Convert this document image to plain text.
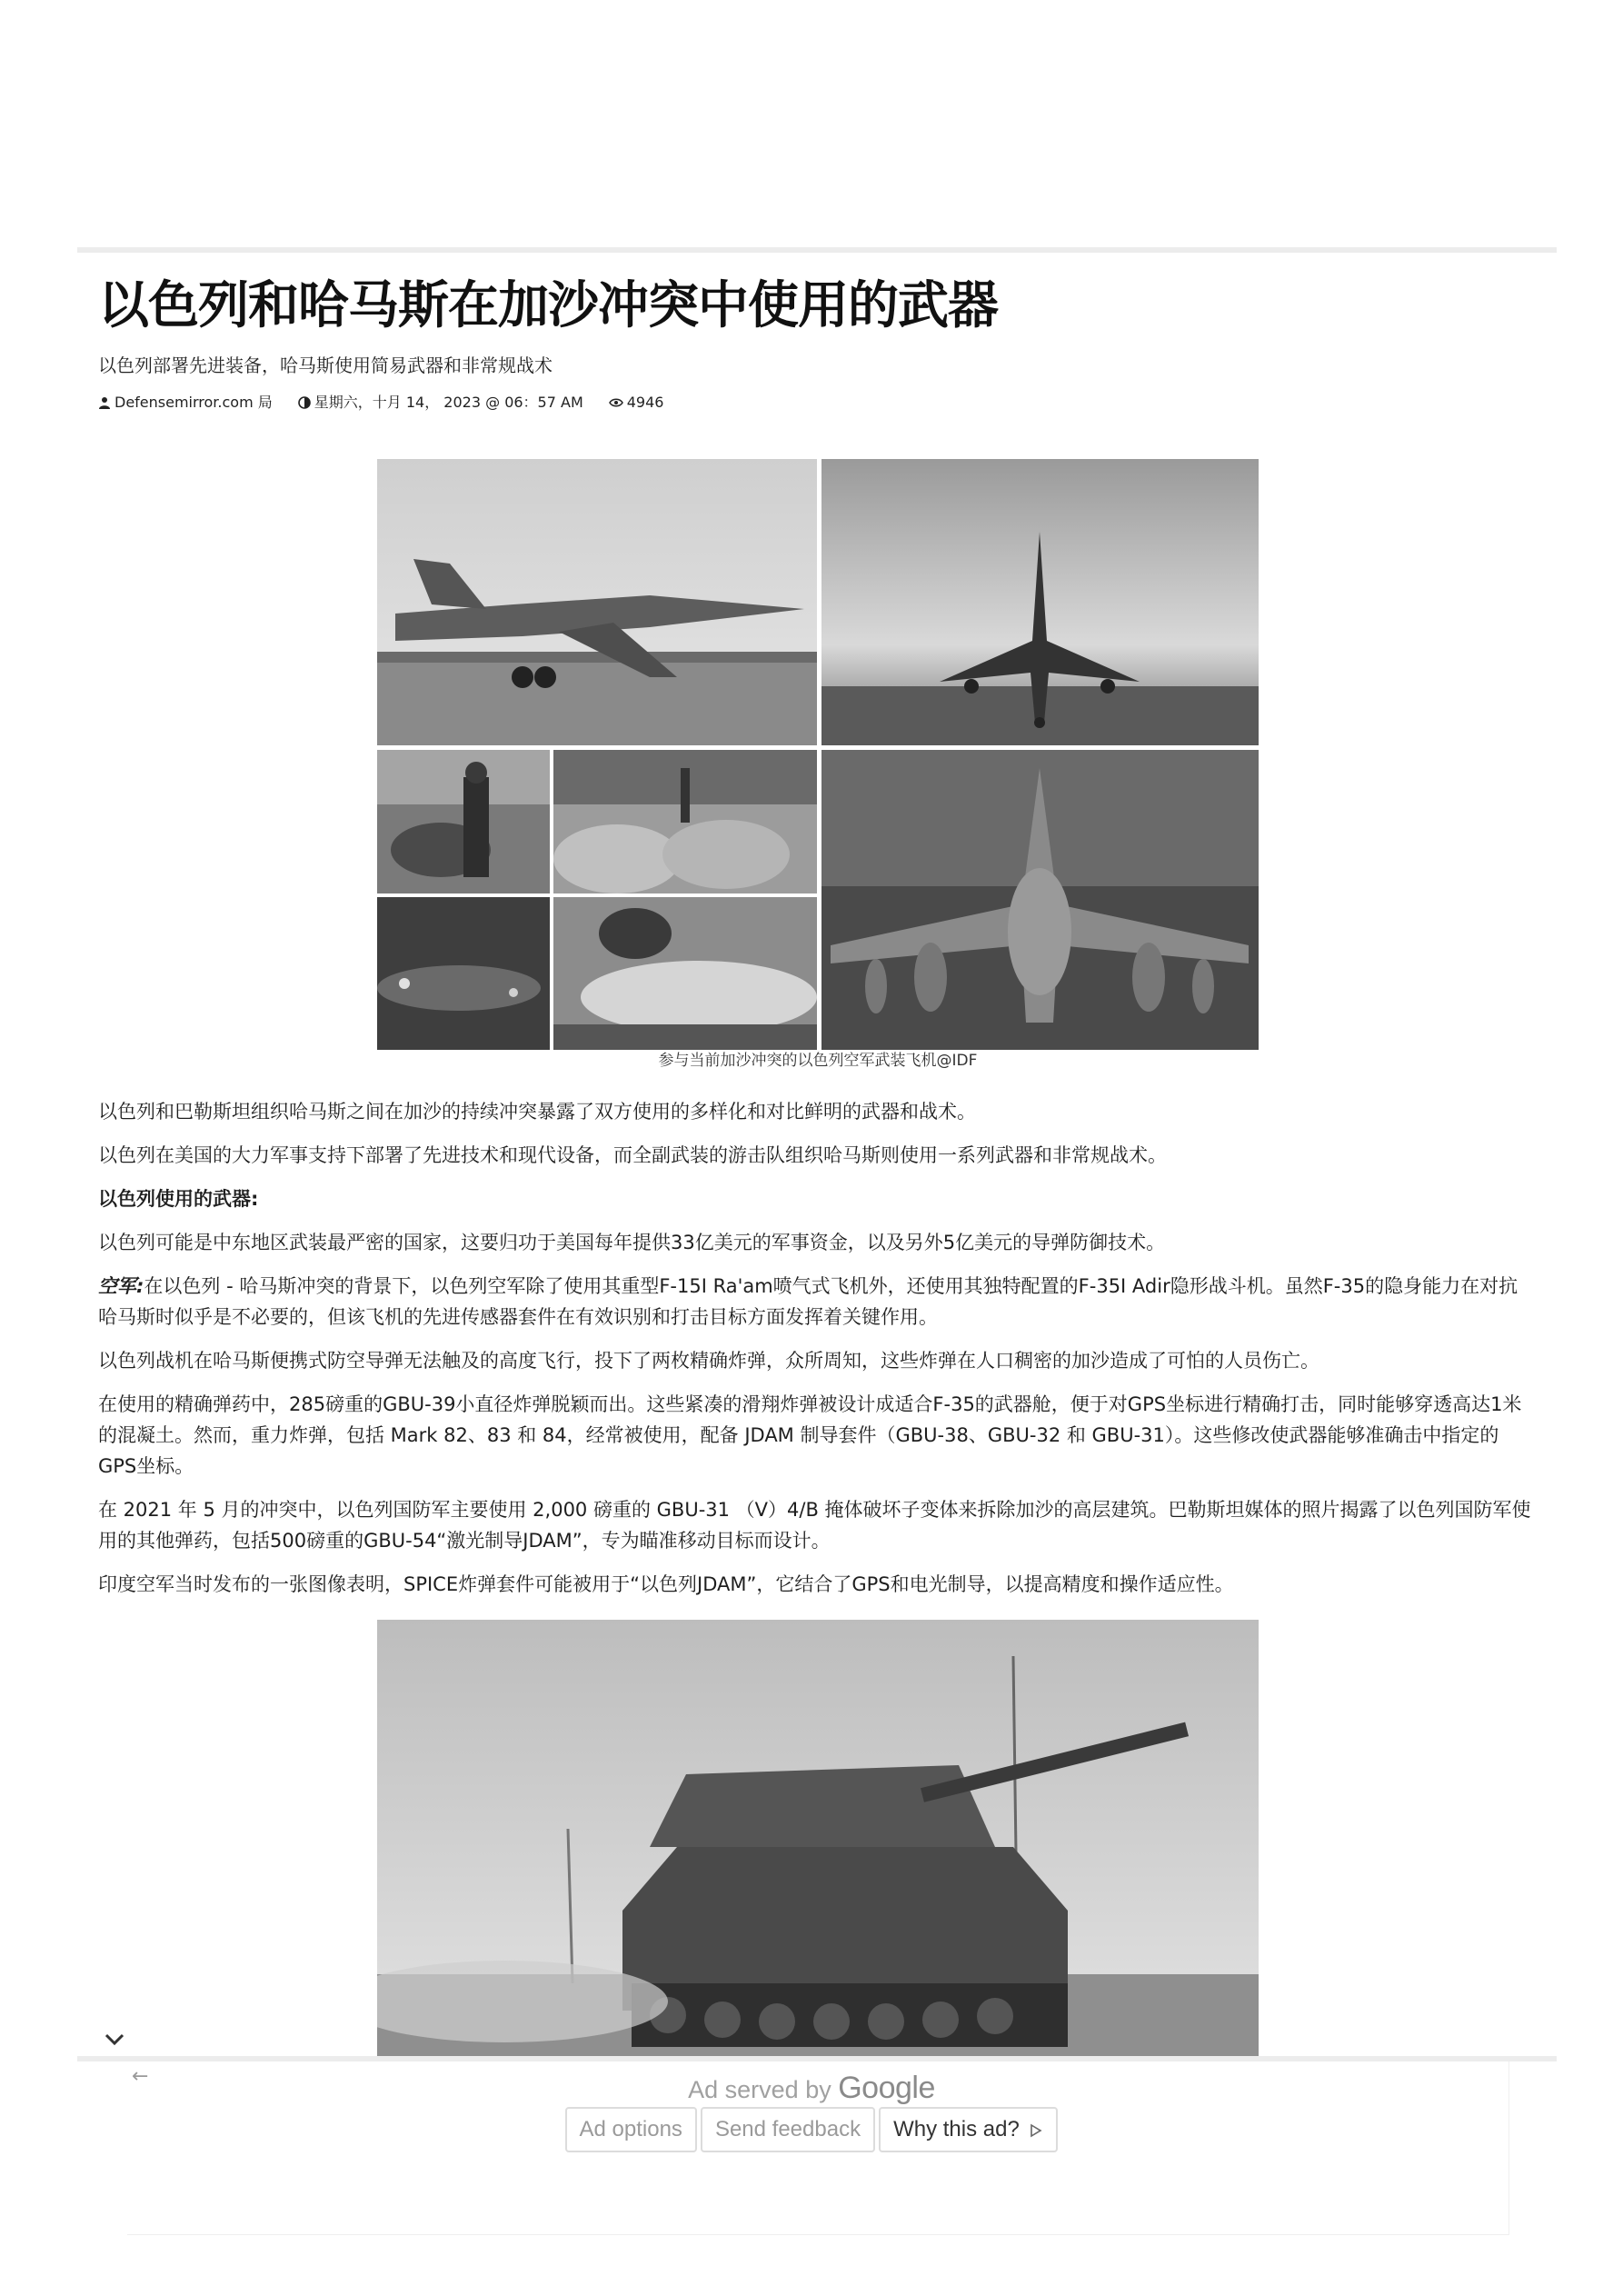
以色列和哈马斯在加沙冲突中使用的武器
以色列部署先进装备，哈马斯使用简易武器和非常规战术
Defensemirror.com 局	星期六，十月 14， 2023 @ 06：57 AM	4946
参与当前加沙冲突的以色列空军武装飞机@IDF

以色列和巴勒斯坦组织哈马斯之间在加沙的持续冲突暴露了双方使用的多样化和对比鲜明的武器和战术。

以色列在美国的大力军事支持下部署了先进技术和现代设备，而全副武装的游击队组织哈马斯则使用一系列武器和非常规战术。

以色列使用的武器:

以色列可能是中东地区武装最严密的国家，这要归功于美国每年提供33亿美元的军事资金，以及另外5亿美元的导弹防御技术。

空军:在以色列 - 哈马斯冲突的背景下，以色列空军除了使用其重型F-15I Ra'am喷气式飞机外，还使用其独特配置的F-35I Adir隐形战斗机。虽然F-35的隐身能力在对抗哈马斯时似乎是不必要的，但该飞机的先进传感器套件在有效识别和打击目标方面发挥着关键作用。

以色列战机在哈马斯便携式防空导弹无法触及的高度飞行，投下了两枚精确炸弹，众所周知，这些炸弹在人口稠密的加沙造成了可怕的人员伤亡。

在使用的精确弹药中，285磅重的GBU-39小直径炸弹脱颖而出。这些紧凑的滑翔炸弹被设计成适合F-35的武器舱，便于对GPS坐标进行精确打击，同时能够穿透高达1米的混凝土。然而，重力炸弹，包括 Mark 82、83 和 84，经常被使用，配备 JDAM 制导套件（GBU-38、GBU-32 和 GBU-31）。这些修改使武器能够准确击中指定的GPS坐标。

在 2021 年 5 月的冲突中，以色列国防军主要使用 2,000 磅重的 GBU-31 （V）4/B 掩体破坏子变体来拆除加沙的高层建筑。巴勒斯坦媒体的照片揭露了以色列国防军使用的其他弹药，包括500磅重的GBU-54“激光制导JDAM”，专为瞄准移动目标而设计。

印度空军当时发布的一张图像表明，SPICE炸弹套件可能被用于“以色列JDAM”，它结合了GPS和电光制导，以提高精度和操作适应性。

←	Ad served by Google
Ad options	Send feedback	Why this ad?
